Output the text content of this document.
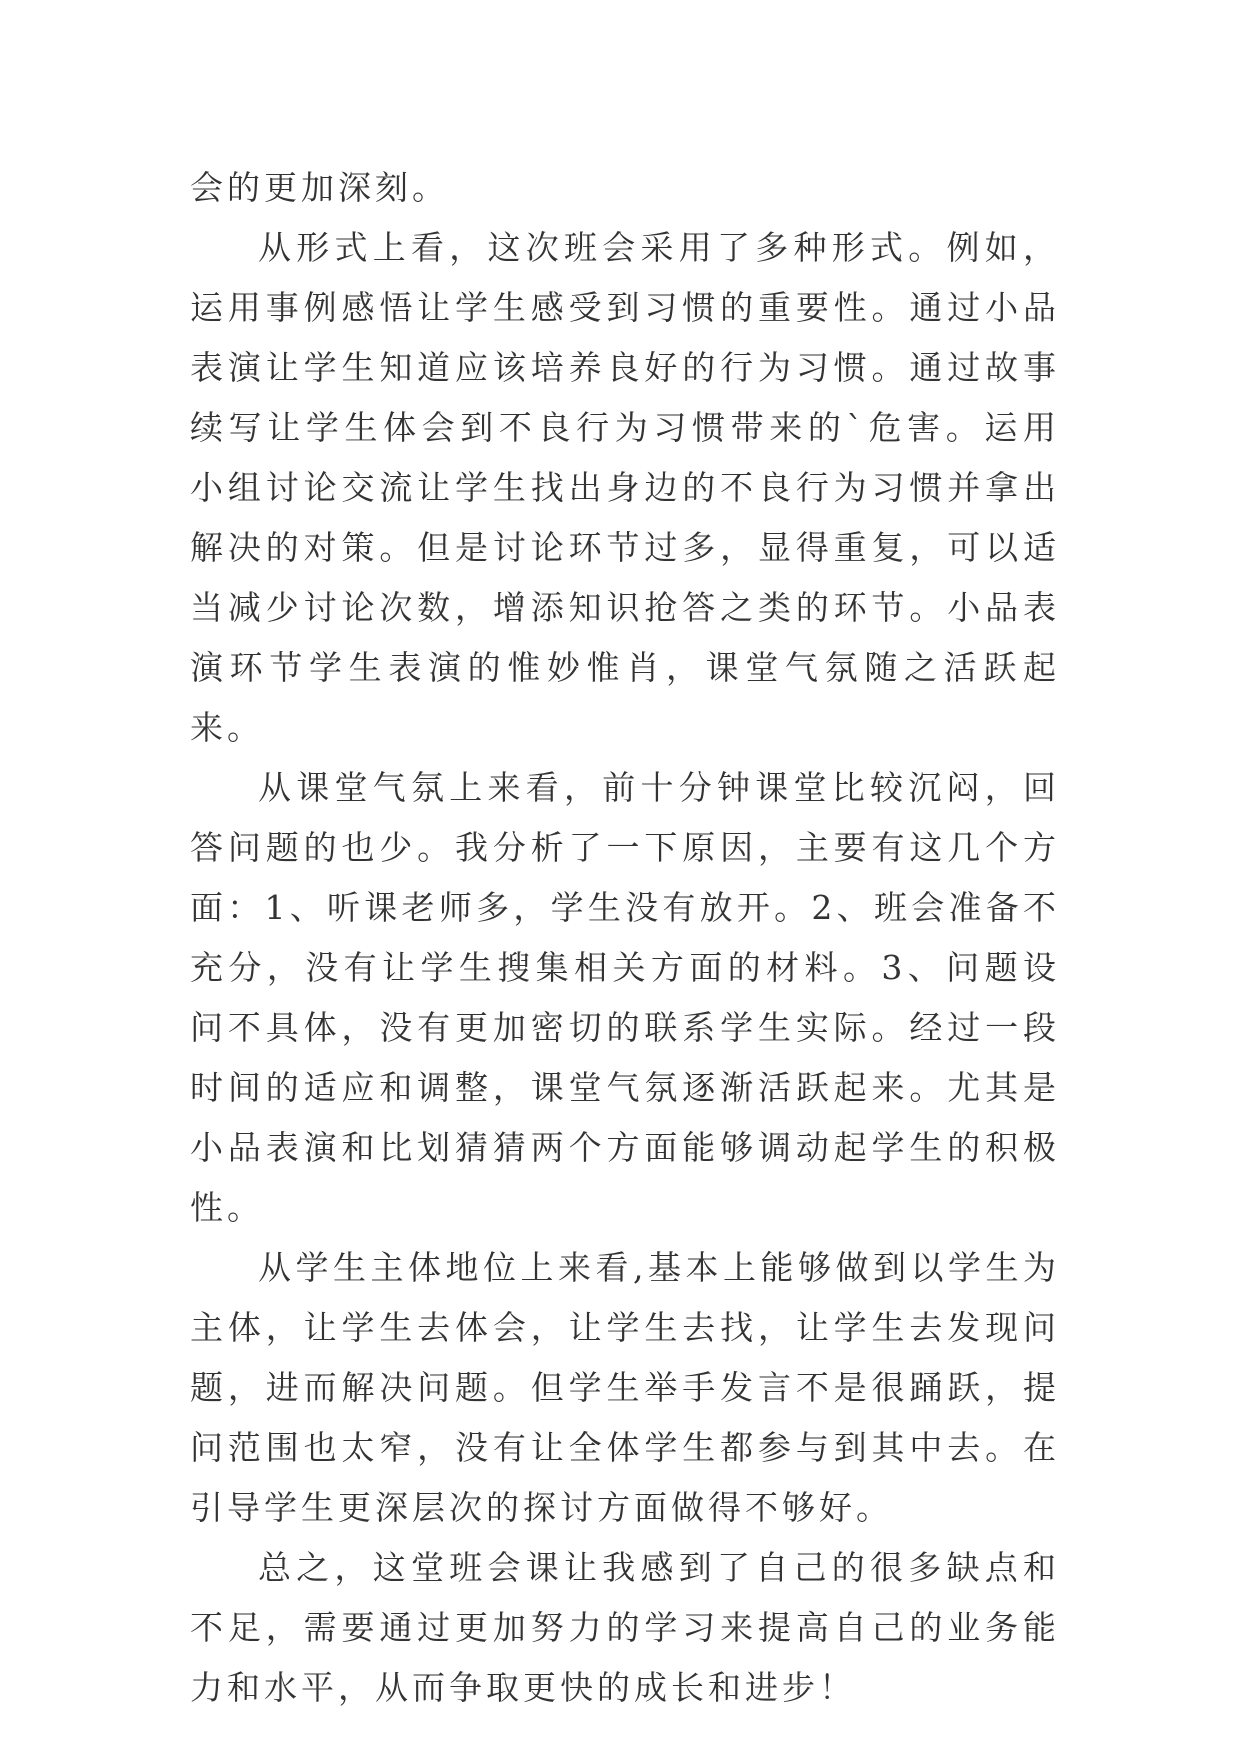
会的更加深刻。

从形式上看，这次班会采用了多种形式。例如，运用事例感悟让学生感受到习惯的重要性。通过小品表演让学生知道应该培养良好的行为习惯。通过故事续写让学生体会到不良行为习惯带来的`危害。运用小组讨论交流让学生找出身边的不良行为习惯并拿出解决的对策。但是讨论环节过多，显得重复，可以适当减少讨论次数，增添知识抢答之类的环节。小品表演环节学生表演的惟妙惟肖，课堂气氛随之活跃起来。

从课堂气氛上来看，前十分钟课堂比较沉闷，回答问题的也少。我分析了一下原因，主要有这几个方面：1、听课老师多，学生没有放开。2、班会准备不充分，没有让学生搜集相关方面的材料。3、问题设问不具体，没有更加密切的联系学生实际。经过一段时间的适应和调整，课堂气氛逐渐活跃起来。尤其是小品表演和比划猜猜两个方面能够调动起学生的积极性。

从学生主体地位上来看,基本上能够做到以学生为主体，让学生去体会，让学生去找，让学生去发现问题，进而解决问题。但学生举手发言不是很踊跃，提问范围也太窄，没有让全体学生都参与到其中去。在引导学生更深层次的探讨方面做得不够好。

总之，这堂班会课让我感到了自己的很多缺点和不足，需要通过更加努力的学习来提高自己的业务能力和水平，从而争取更快的成长和进步！
